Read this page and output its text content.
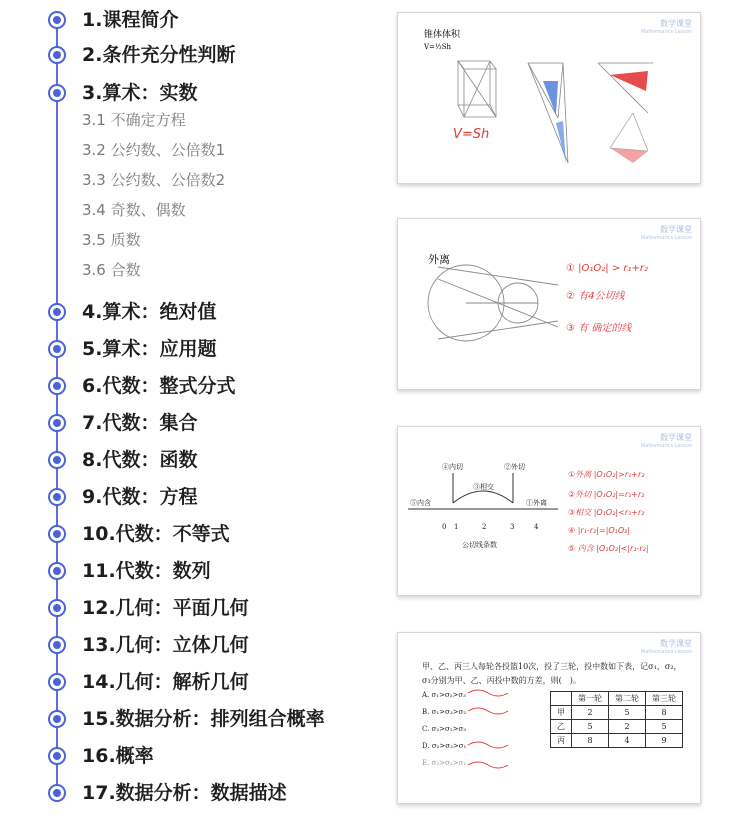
1.课程简介
2.条件充分性判断
3.算术：实数
3.1 不确定方程
3.2 公约数、公倍数1
3.3 公约数、公倍数2
3.4 奇数、偶数
3.5 质数
3.6 合数
4.算术：绝对值
5.算术：应用题
6.代数：整式分式
7.代数：集合
8.代数：函数
9.代数：方程
10.代数：不等式
11.代数：数列
12.几何：平面几何
13.几何：立体几何
14.几何：解析几何
15.数据分析：排列组合概率
16.概率
17.数据分析：数据描述
锥体体积
V=⅓Sh
V=Sh
数学课堂
Mathematics Lesson
外离
① |O₁O₂| > r₁+r₂
② 有4公切线
③ 有 确定的线
数学课堂
Mathematics Lesson
④内切	②外切
③相交
⑤内含	①外离
0 1	2	3	4
公切线条数
①外离 |O₁O₂|>r₁+r₂
②外切 |O₁O₂|=r₁+r₂
③相交 |O₁O₂|<r₁+r₂
④ |r₁-r₂|=|O₁O₂|
⑤ 内含 |O₁O₂|<|r₁-r₂|
数学课堂
Mathematics Lesson
甲、乙、丙三人每轮各投篮10次，投了三轮，投中数如下表，记σ₁，σ₂，
σ₃分别为甲、乙、丙投中数的方差，则(　)。
A. σ₁>σ₂>σ₃
B. σ₁>σ₃>σ₂
C. σ₂>σ₁>σ₃
D. σ₂>σ₃>σ₁
E. σ₃>σ₂>σ₁
	第一轮	第二轮	第三轮
甲	2	5	8
乙	5	2	5
丙	8	4	9
数学课堂
Mathematics Lesson
